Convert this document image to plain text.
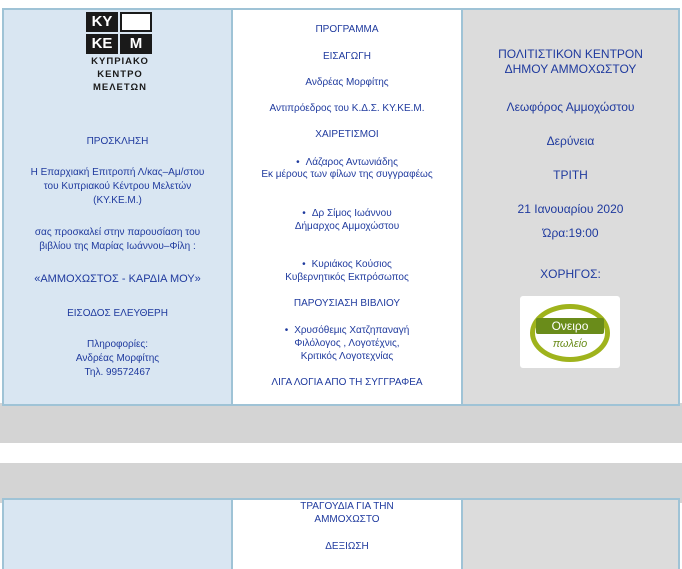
ΚΥ
ΚΕ	Μ
ΚΥΠΡΙΑΚΟ
ΚΕΝΤΡΟ
ΜΕΛΕΤΩΝ
ΠΡΟΣΚΛΗΣΗ
Η Επαρχιακή Επιτροπή Λ/κας–Αμ/στου
του Κυπριακού Κέντρου Μελετών
(ΚΥ.ΚΕ.Μ.)
σας προσκαλεί στην παρουσίαση του
βιβλίου της Μαρίας Ιωάννου–Φίλη :
«ΑΜΜΟΧΩΣΤΟΣ - ΚΑΡΔΙΑ ΜΟΥ»
ΕΙΣΟΔΟΣ ΕΛΕΥΘΕΡΗ
Πληροφορίες:
Ανδρέας Μορφίτης
Τηλ. 99572467
ΠΡΟΓΡΑΜΜΑ
ΕΙΣΑΓΩΓΗ
Ανδρέας Μορφίτης
Αντιπρόεδρος του Κ.Δ.Σ. ΚΥ.ΚΕ.Μ.
ΧΑΙΡΕΤΙΣΜΟΙ
• Λάζαρος Αντωνιάδης
Εκ μέρους των φίλων της συγγραφέως
• Δρ Σίμος Ιωάννου
Δήμαρχος Αμμοχώστου
• Κυριάκος Κούσιος
Κυβερνητικός Εκπρόσωπος
ΠΑΡΟΥΣΙΑΣΗ ΒΙΒΛΙΟΥ
• Χρυσόθεμις Χατζηπαναγή
Φιλόλογος , Λογοτέχνις,
Κριτικός Λογοτεχνίας
ΛΙΓΑ ΛΟΓΙΑ ΑΠΟ ΤΗ ΣΥΓΓΡΑΦΕΑ
ΠΟΛΙΤΙΣΤΙΚΟΝ ΚΕΝΤΡΟΝ
ΔΗΜΟΥ ΑΜΜΟΧΩΣΤΟΥ
Λεωφόρος Αμμοχώστου
Δερύνεια
ΤΡΙΤΗ
21 Ιανουαρίου 2020
Ώρα:19:00
ΧΟΡΗΓΟΣ:
Ονειρο
πωλείο
ΤΡΑΓΟΥΔΙΑ ΓΙΑ ΤΗΝ
ΑΜΜΟΧΩΣΤΟ
ΔΕΞΙΩΣΗ
